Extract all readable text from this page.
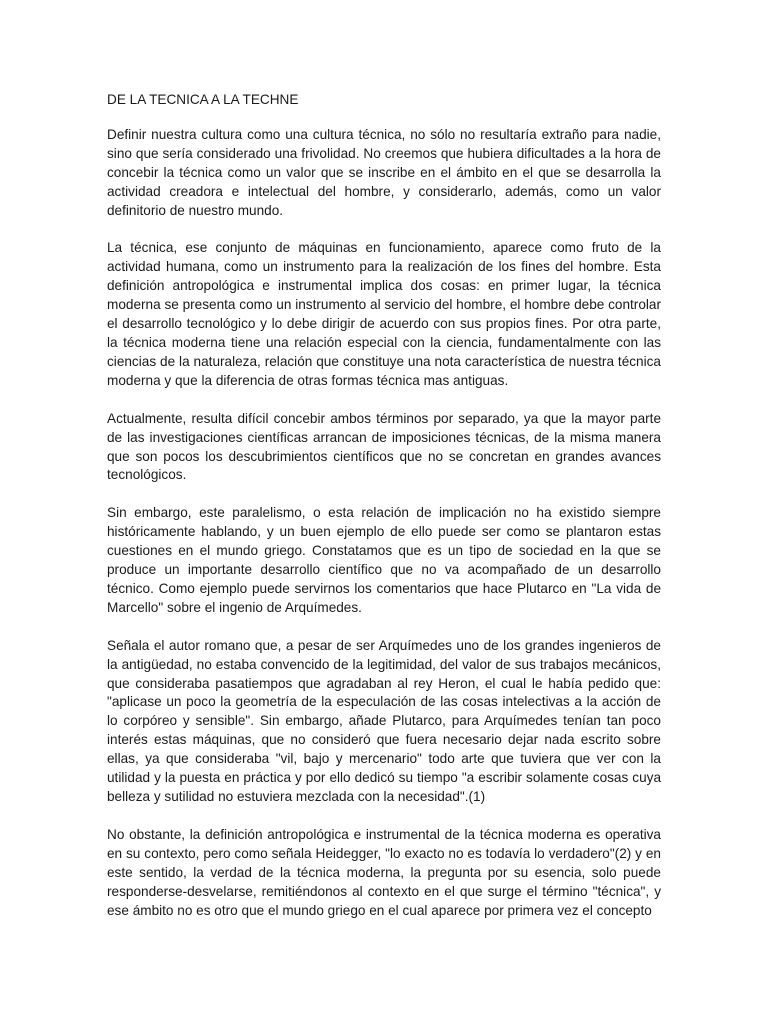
DE LA TECNICA A LA TECHNE

Definir nuestra cultura como una cultura técnica, no sólo no resultaría extraño para nadie, sino que sería considerado una frivolidad. No creemos que hubiera dificultades a la hora de concebir la técnica como un valor que se inscribe en el ámbito en el que se desarrolla la actividad creadora e intelectual del hombre, y considerarlo, además, como un valor definitorio de nuestro mundo.

La técnica, ese conjunto de máquinas en funcionamiento, aparece como fruto de la actividad humana, como un instrumento para la realización de los fines del hombre. Esta definición antropológica e instrumental implica dos cosas: en primer lugar, la técnica moderna se presenta como un instrumento al servicio del hombre, el hombre debe controlar el desarrollo tecnológico y lo debe dirigir de acuerdo con sus propios fines. Por otra parte, la técnica moderna tiene una relación especial con la ciencia, fundamentalmente con las ciencias de la naturaleza, relación que constituye una nota característica de nuestra técnica moderna y que la diferencia de otras formas técnica mas antiguas.

Actualmente, resulta difícil concebir ambos términos por separado, ya que la mayor parte de las investigaciones científicas arrancan de imposiciones técnicas, de la misma manera que son pocos los descubrimientos científicos que no se concretan en grandes avances tecnológicos.

Sin embargo, este paralelismo, o esta relación de implicación no ha existido siempre históricamente hablando, y un buen ejemplo de ello puede ser como se plantaron estas cuestiones en el mundo griego. Constatamos que es un tipo de sociedad en la que se produce un importante desarrollo científico que no va acompañado de un desarrollo técnico. Como ejemplo puede servirnos los comentarios que hace Plutarco en "La vida de Marcello" sobre el ingenio de Arquímedes.

Señala el autor romano que, a pesar de ser Arquímedes uno de los grandes ingenieros de la antigüedad, no estaba convencido de la legitimidad, del valor de sus trabajos mecánicos, que consideraba pasatiempos que agradaban al rey Heron, el cual le había pedido que: "aplicase un poco la geometría de la especulación de las cosas intelectivas a la acción de lo corpóreo y sensible". Sin embargo, añade Plutarco, para Arquímedes tenían tan poco interés estas máquinas, que no consideró que fuera necesario dejar nada escrito sobre ellas, ya que consideraba "vil, bajo y mercenario" todo arte que tuviera que ver con la utilidad y la puesta en práctica y por ello dedicó su tiempo "a escribir solamente cosas cuya belleza y sutilidad no estuviera mezclada con la necesidad".(1)

No obstante, la definición antropológica e instrumental de la técnica moderna es operativa en su contexto, pero como señala Heidegger, "lo exacto no es todavía lo verdadero"(2) y en este sentido, la verdad de la técnica moderna, la pregunta por su esencia, solo puede responderse-desvelarse, remitiéndonos al contexto en el que surge el término "técnica", y ese ámbito no es otro que el mundo griego en el cual aparece por primera vez el concepto
